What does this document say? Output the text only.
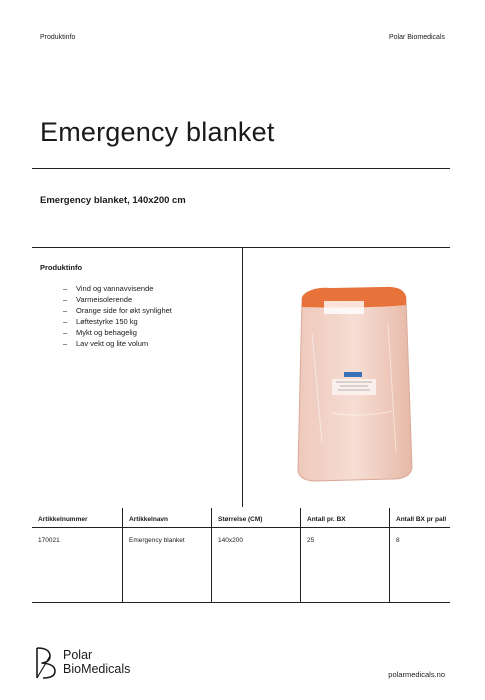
Produktinfo	Polar Biomedicals
Emergency blanket
Emergency blanket, 140x200 cm
Produktinfo
– Vind og vannavvisende
– Varmeisolerende
– Orange side for økt synlighet
– Løftestyrke 150 kg
– Mykt og behagelig
– Lav vekt og lite volum
Artikkelnummer	Artikkelnavn	Størrelse (CM)	Antall pr. BX	Antall BX pr pall
170021	Emergency blanket	140x200	25	8
Polar
BioMedicals	polarmedicals.no
